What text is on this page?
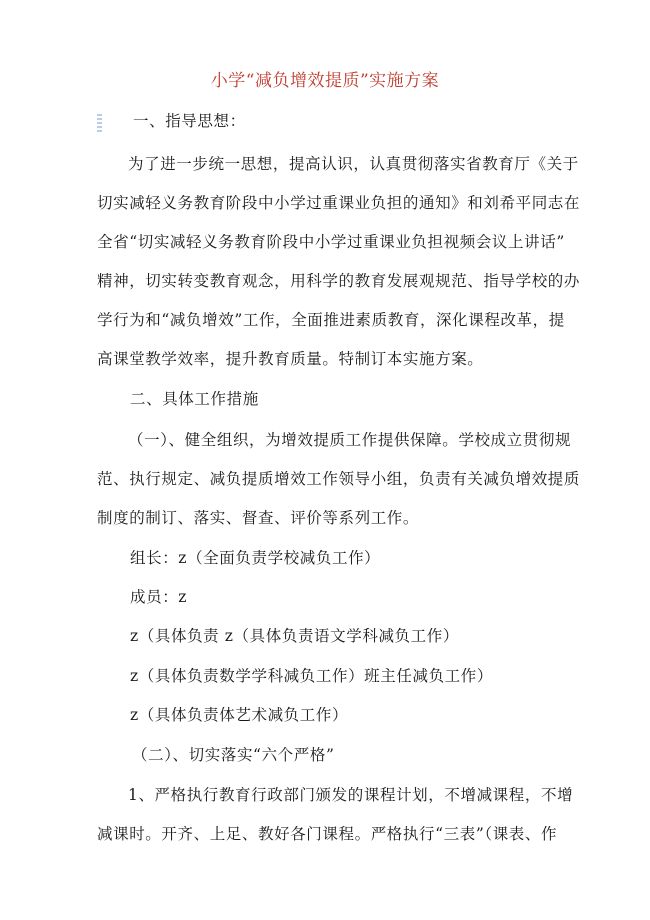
小学“减负增效提质”实施方案
一、指导思想：
为了进一步统一思想，提高认识，认真贯彻落实省教育厅《关于
切实减轻义务教育阶段中小学过重课业负担的通知》和刘希平同志在
全省“切实减轻义务教育阶段中小学过重课业负担视频会议上讲话”
精神，切实转变教育观念，用科学的教育发展观规范、指导学校的办
学行为和“减负增效”工作，全面推进素质教育，深化课程改革，提
高课堂教学效率，提升教育质量。特制订本实施方案。
二、具体工作措施
（一）、健全组织，为增效提质工作提供保障。学校成立贯彻规
范、执行规定、减负提质增效工作领导小组，负责有关减负增效提质
制度的制订、落实、督查、评价等系列工作。
组长：z（全面负责学校减负工作）
成员：z
z（具体负责 z（具体负责语文学科减负工作）
z（具体负责数学学科减负工作）班主任减负工作）
z（具体负责体艺术减负工作）
（二）、切实落实“六个严格”
1、严格执行教育行政部门颁发的课程计划，不增减课程，不增
减课时。开齐、上足、教好各门课程。严格执行“三表”（课表、作
